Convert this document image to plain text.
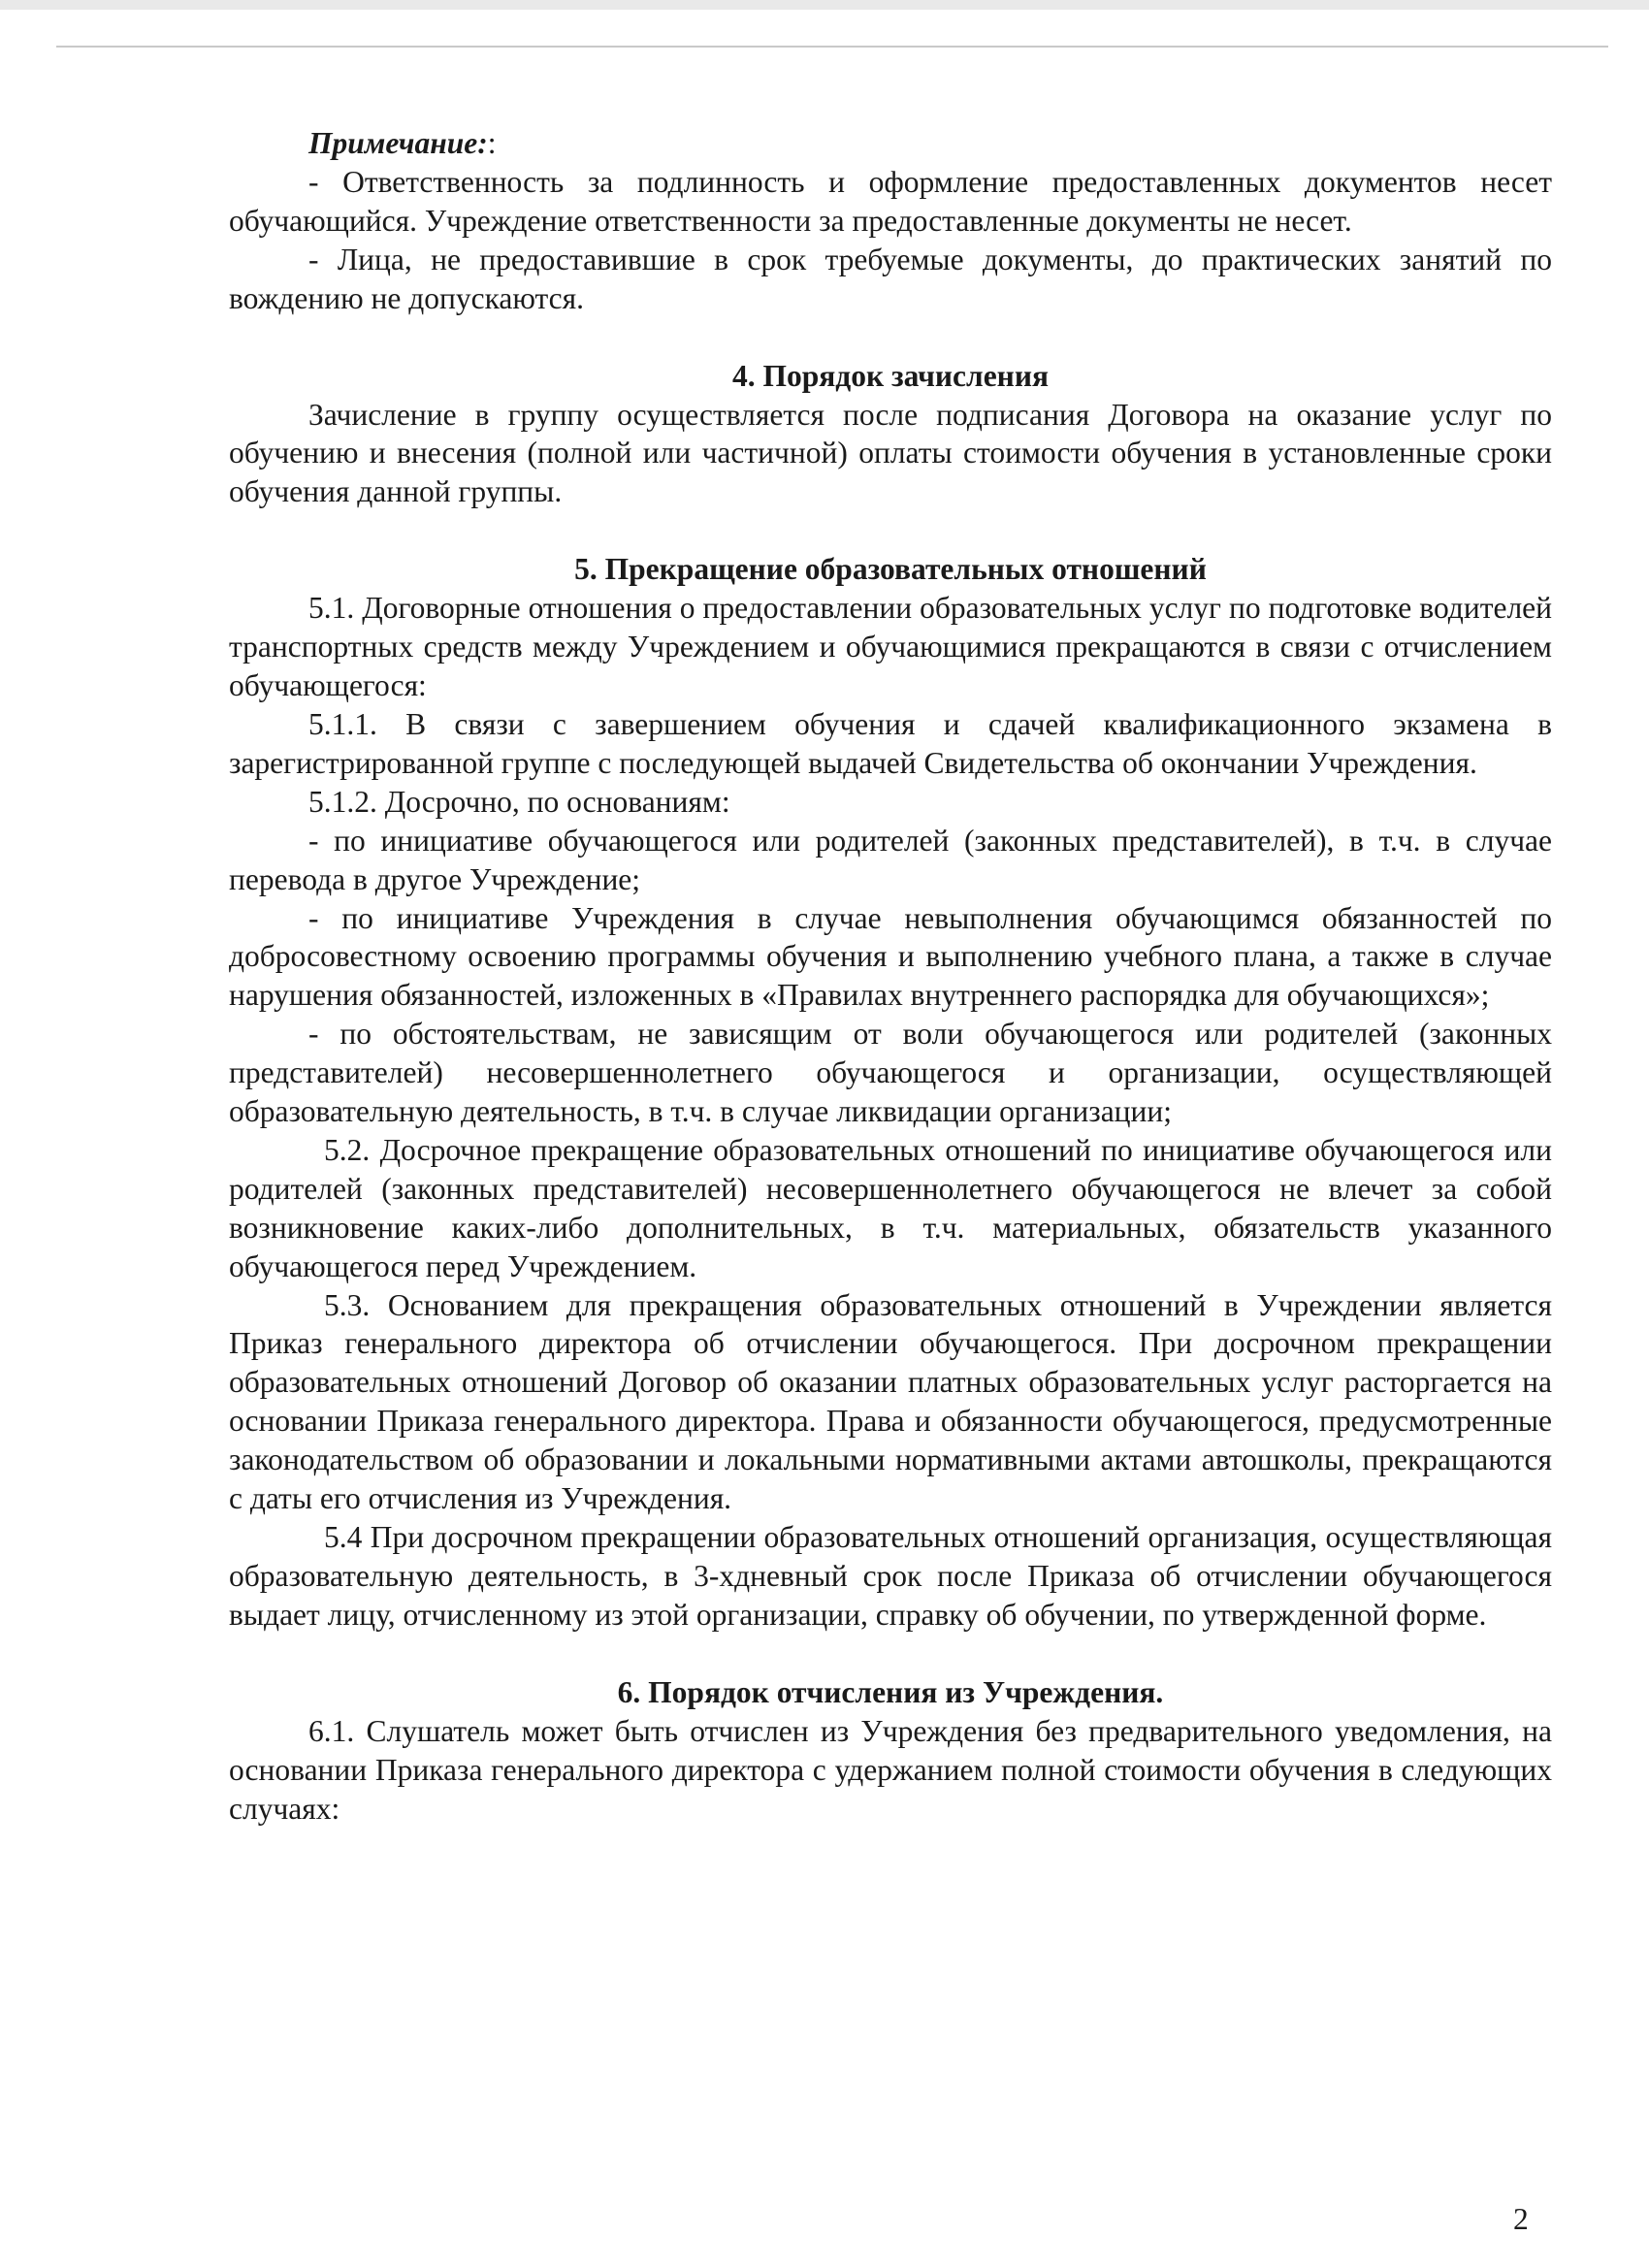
Примечание::

- Ответственность за подлинность и оформление предоставленных документов несет обучающийся. Учреждение ответственности за предоставленные документы не несет.

- Лица, не предоставившие в срок требуемые документы, до практических занятий по вождению не допускаются.

4. Порядок зачисления

Зачисление в группу осуществляется после подписания Договора на оказание услуг по обучению и внесения (полной или частичной) оплаты стоимости обучения в установленные сроки обучения данной группы.

5. Прекращение образовательных отношений

5.1. Договорные отношения о предоставлении образовательных услуг по подготовке водителей транспортных средств между Учреждением и обучающимися прекращаются в связи с отчислением обучающегося:

5.1.1. В связи с завершением обучения и сдачей квалификационного экзамена в зарегистрированной группе с последующей выдачей Свидетельства об окончании Учреждения.

5.1.2. Досрочно, по основаниям:

- по инициативе обучающегося или родителей (законных представителей), в т.ч. в случае перевода в другое Учреждение;

- по инициативе Учреждения в случае невыполнения обучающимся обязанностей по добросовестному освоению программы обучения и выполнению учебного плана, а также в случае нарушения обязанностей, изложенных в «Правилах внутреннего распорядка для обучающихся»;

- по обстоятельствам, не зависящим от воли обучающегося или родителей (законных представителей) несовершеннолетнего обучающегося и организации, осуществляющей образовательную деятельность, в т.ч. в случае ликвидации организации;

5.2. Досрочное прекращение образовательных отношений по инициативе обучающегося или родителей (законных представителей) несовершеннолетнего обучающегося не влечет за собой возникновение каких-либо дополнительных, в т.ч. материальных, обязательств указанного обучающегося перед Учреждением.

5.3. Основанием для прекращения образовательных отношений в Учреждении является Приказ генерального директора об отчислении обучающегося. При досрочном прекращении образовательных отношений Договор об оказании платных образовательных услуг расторгается на основании Приказа генерального директора. Права и обязанности обучающегося, предусмотренные законодательством об образовании и локальными нормативными актами автошколы, прекращаются с даты его отчисления из Учреждения.

5.4 При досрочном прекращении образовательных отношений организация, осуществляющая образовательную деятельность, в 3-хдневный срок после Приказа об отчислении обучающегося выдает лицу, отчисленному из этой организации, справку об обучении, по утвержденной форме.

6. Порядок отчисления из Учреждения.

6.1. Слушатель может быть отчислен из Учреждения без предварительного уведомления, на основании Приказа генерального директора с удержанием полной стоимости обучения в следующих случаях:

2
